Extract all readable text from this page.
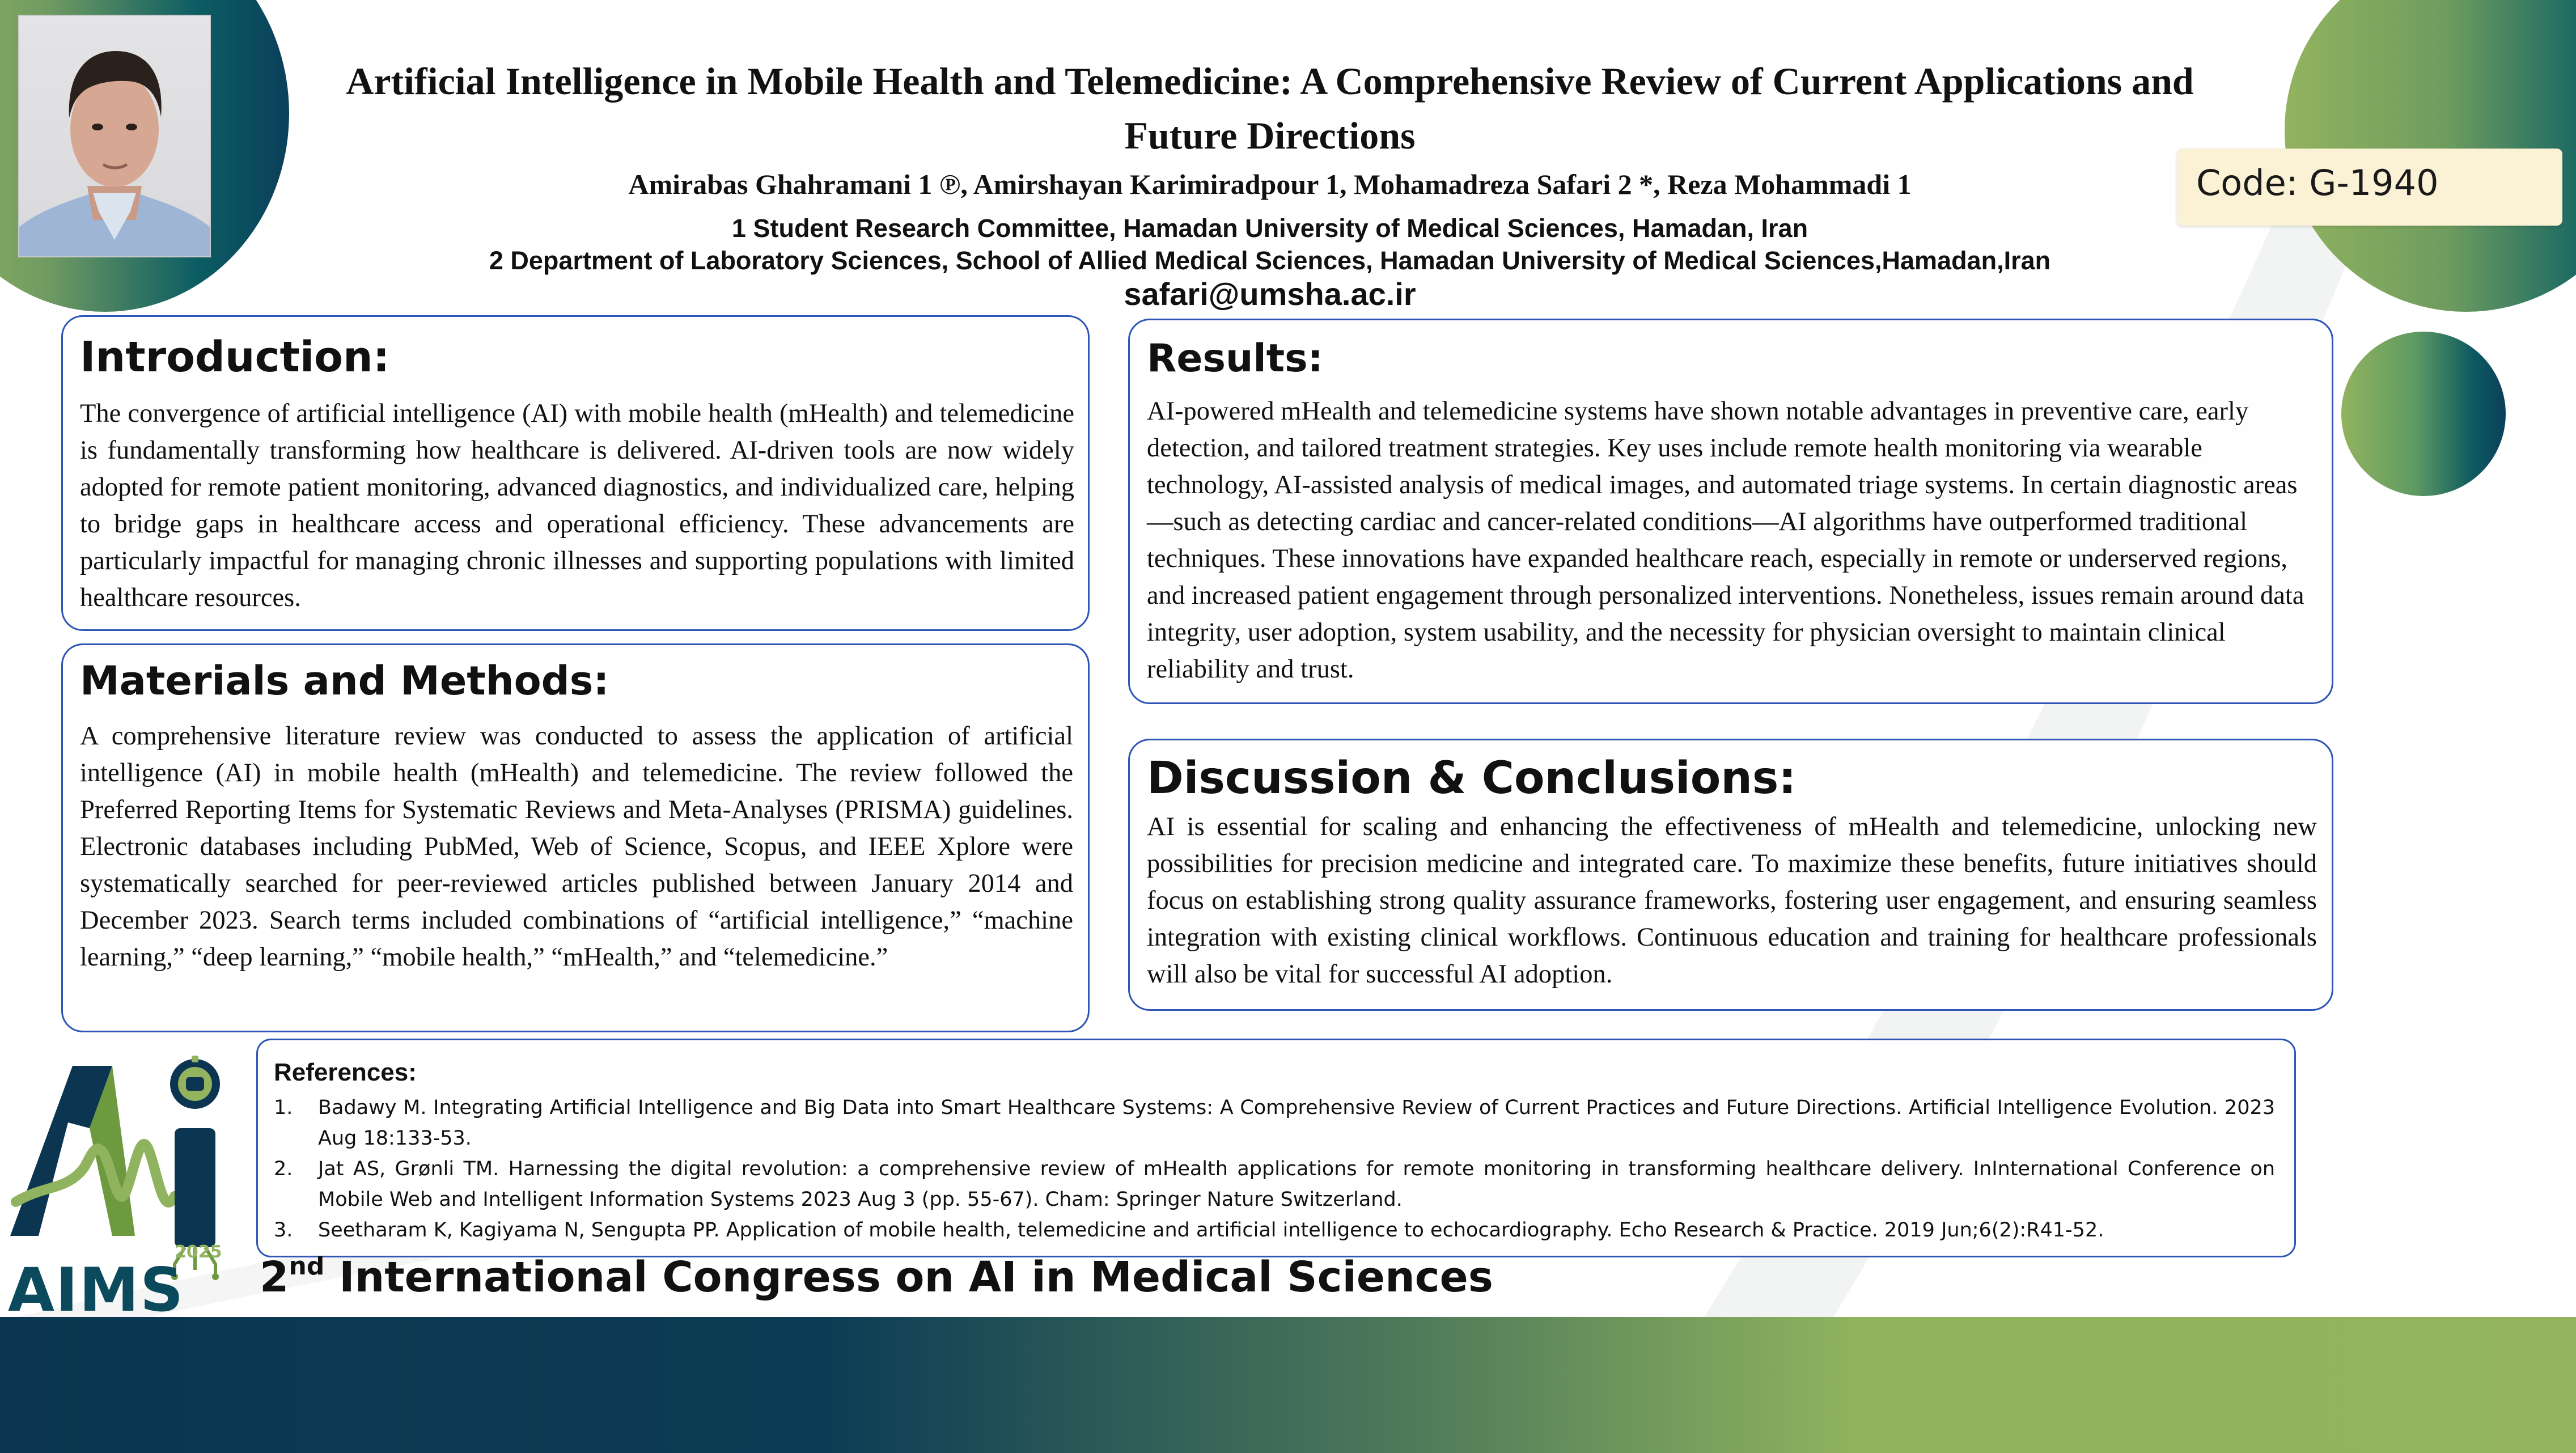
Artificial Intelligence in Mobile Health and Telemedicine: A Comprehensive Review of Current Applications and Future Directions
Amirabas Ghahramani 1 ℗, Amirshayan Karimiradpour 1, Mohamadreza Safari 2 *, Reza Mohammadi 1
1 Student Research Committee, Hamadan University of Medical Sciences, Hamadan, Iran
2 Department of Laboratory Sciences, School of Allied Medical Sciences, Hamadan University of Medical Sciences,Hamadan,Iran
safari@umsha.ac.ir
Code: G-1940
Introduction:

The convergence of artificial intelligence (AI) with mobile health (mHealth) and telemedicine is fundamentally transforming how healthcare is delivered. AI-driven tools are now widely adopted for remote patient monitoring, advanced diagnostics, and individualized care, helping to bridge gaps in healthcare access and operational efficiency. These advancements are particularly impactful for managing chronic illnesses and supporting populations with limited healthcare resources.

Materials and Methods:

A comprehensive literature review was conducted to assess the application of artificial intelligence (AI) in mobile health (mHealth) and telemedicine. The review followed the Preferred Reporting Items for Systematic Reviews and Meta-Analyses (PRISMA) guidelines. Electronic databases including PubMed, Web of Science, Scopus, and IEEE Xplore were systematically searched for peer-reviewed articles published between January 2014 and December 2023. Search terms included combinations of “artificial intelligence,” “machine learning,” “deep learning,” “mobile health,” “mHealth,” and “telemedicine.”

Results:

AI-powered mHealth and telemedicine systems have shown notable advantages in preventive care, early detection, and tailored treatment strategies. Key uses include remote health monitoring via wearable technology, AI-assisted analysis of medical images, and automated triage systems. In certain diagnostic areas—such as detecting cardiac and cancer-related conditions—AI algorithms have outperformed traditional techniques. These innovations have expanded healthcare reach, especially in remote or underserved regions, and increased patient engagement through personalized interventions. Nonetheless, issues remain around data integrity, user adoption, system usability, and the necessity for physician oversight to maintain clinical reliability and trust.

Discussion & Conclusions:

AI is essential for scaling and enhancing the effectiveness of mHealth and telemedicine, unlocking new possibilities for precision medicine and integrated care. To maximize these benefits, future initiatives should focus on establishing strong quality assurance frameworks, fostering user engagement, and ensuring seamless integration with existing clinical workflows. Continuous education and training for healthcare professionals will also be vital for successful AI adoption.

References:
1. Badawy M. Integrating Artificial Intelligence and Big Data into Smart Healthcare Systems: A Comprehensive Review of Current Practices and Future Directions. Artificial Intelligence Evolution. 2023 Aug 18:133-53.
2. Jat AS, Grønli TM. Harnessing the digital revolution: a comprehensive review of mHealth applications for remote monitoring in transforming healthcare delivery. InInternational Conference on Mobile Web and Intelligent Information Systems 2023 Aug 3 (pp. 55-67). Cham: Springer Nature Switzerland.
3. Seetharam K, Kagiyama N, Sengupta PP. Application of mobile health, telemedicine and artificial intelligence to echocardiography. Echo Research & Practice. 2019 Jun;6(2):R41-52.
2025
AIMS 2nd International Congress on AI in Medical Sciences
